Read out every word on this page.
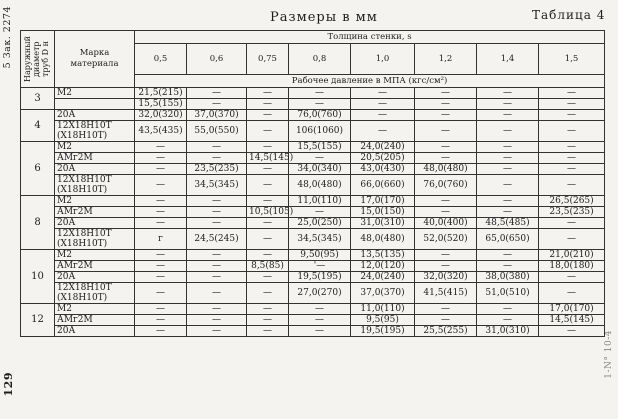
5 Зак. 2274
129
1-N° 10-4
Размеры в мм	Таблица 4
Наружный диаметр труб D н	Марка материала	Толщина стенки, s							
		0,5	0,6	0,75	0,8	1,0	1,2	1,4	1,5
		Рабочее давление в МПА (кгс/см²)							
3	М2	21,5(215)	—	—	—	—	—	—	—
		15,5(155)	—	—	—	—	—	—	—
4	20А	32,0(320)	37,0(370)	—	76,0(760)	—	—	—	—
	12Х18Н10Т (Х18Н10Т)	43,5(435)	55,0(550)	—	106(1060)	—	—	—	—
6	М2	—	—	—	15,5(155)	24,0(240)	—	—	—
	АМг2М	—	—	14,5(145)	—	20,5(205)	—	—	—
	20А	—	23,5(235)	—	34,0(340)	43,0(430)	48,0(480)	—	—
	12Х18Н10Т (Х18Н10Т)	—	34,5(345)	—	48,0(480)	66,0(660)	76,0(760)	—	—
8	М2	—	—	—	11,0(110)	17,0(170)	—	—	26,5(265)
	АМг2М	—	—	10,5(105)	—	15,0(150)	—	—	23,5(235)
	20А	—	—	—	25,0(250)	31,0(310)	40,0(400)	48,5(485)	—
	12Х18Н10Т (Х18Н10Т)	г	24,5(245)	—	34,5(345)	48,0(480)	52,0(520)	65,0(650)	—
10	М2	—	—	—	9,50(95)	13,5(135)	—	—	21,0(210)
	АМг2М	—	—	8,5(85)	'—	12,0(120)	—	—	18,0(180)
	20А	—	—	—	19,5(195)	24,0(240)	32,0(320)	38,0(380)	—
	12Х18Н10Т (Х18Н10Т)	—	—	—	27,0(270)	37,0(370)	41,5(415)	51,0(510)	—
12	М2	—	—	—	—	11,0(110)	—	—	17,0(170)
	АМг2М	—	—	—	—	9,5(95)	—	—	14,5(145)
	20А	—	—	—	—	19,5(195)	25,5(255)	31,0(310)	—
